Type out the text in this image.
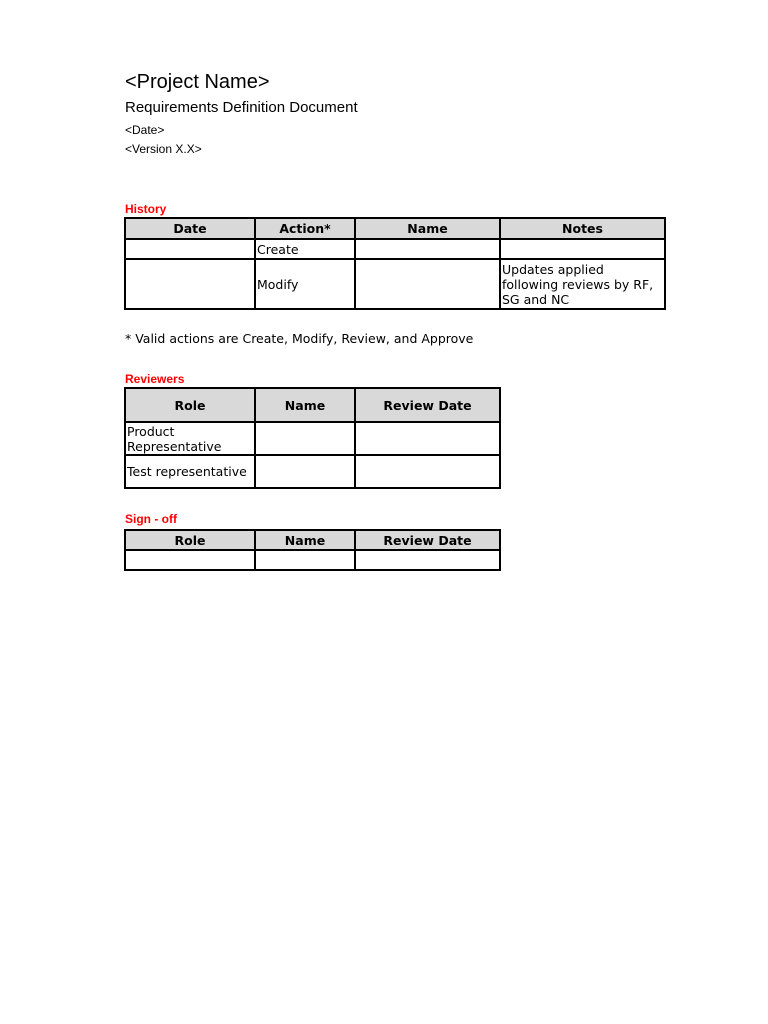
<Project Name>
Requirements Definition Document
<Date>
<Version X.X>
History
Date	Action*	Name	Notes
	Create		
	Modify		Updates applied following reviews by RF, SG and NC
* Valid actions are Create, Modify, Review, and Approve
Reviewers
Role	Name	Review Date
Product Representative		
Test representative		
Sign - off
Role	Name	Review Date
